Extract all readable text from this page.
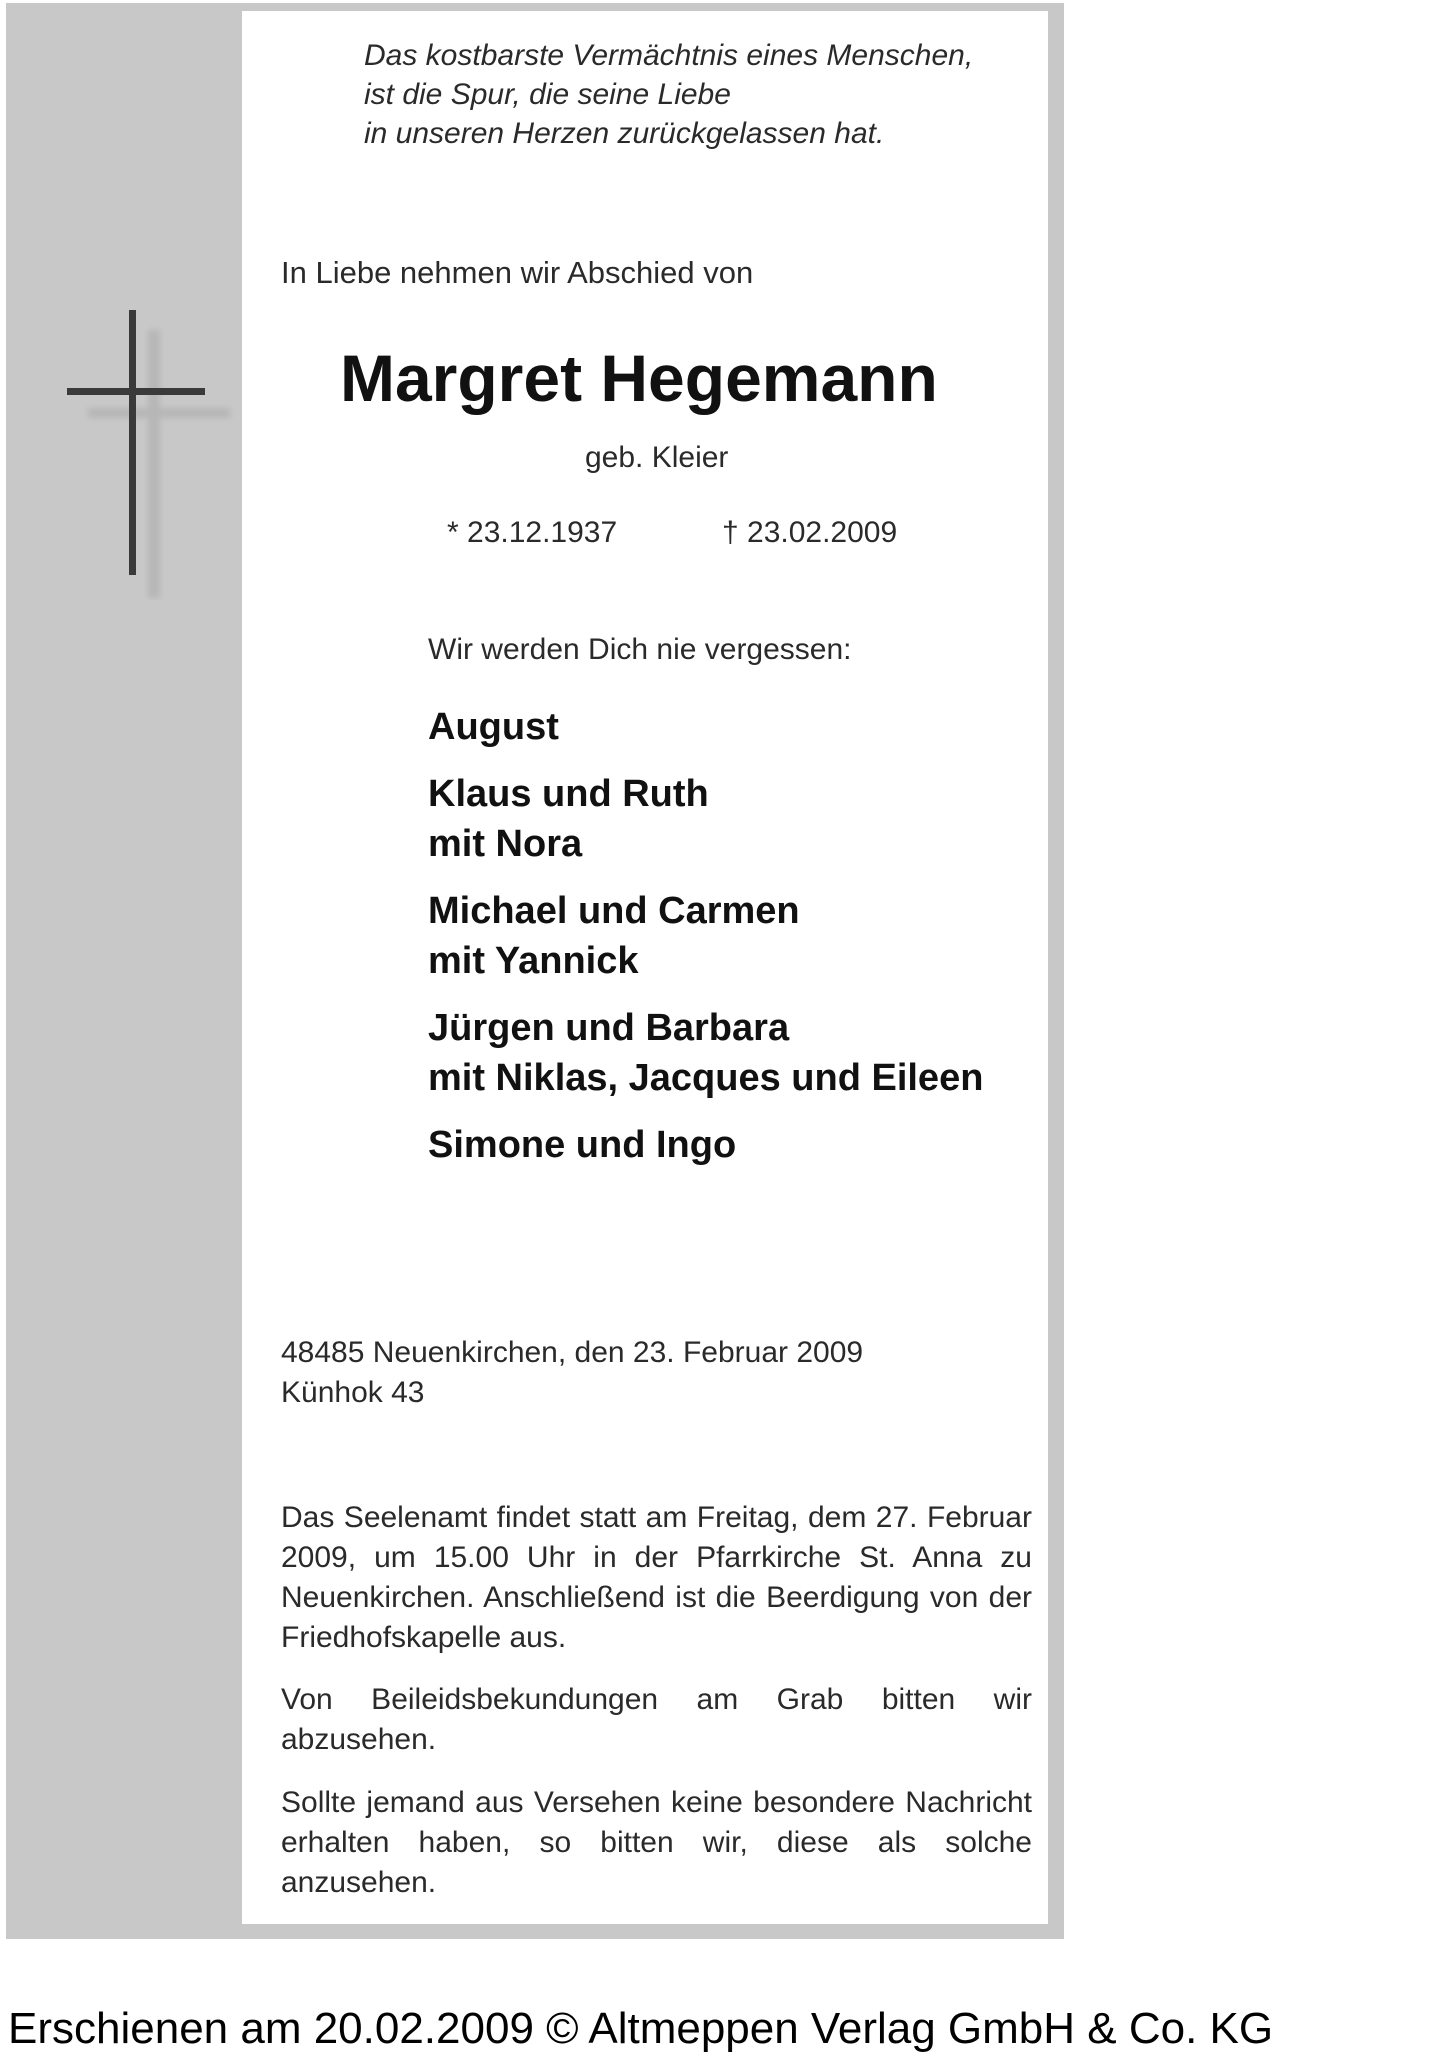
Das kostbarste Vermächtnis eines Menschen,
ist die Spur, die seine Liebe
in unseren Herzen zurückgelassen hat.
In Liebe nehmen wir Abschied von
Margret Hegemann
geb. Kleier
* 23.12.1937	† 23.02.2009
Wir werden Dich nie vergessen:
August
Klaus und Ruth
mit Nora
Michael und Carmen
mit Yannick
Jürgen und Barbara
mit Niklas, Jacques und Eileen
Simone und Ingo
48485 Neuenkirchen, den 23. Februar 2009
Künhok 43
Das Seelenamt findet statt am Freitag, dem 27. Februar 2009, um 15.00 Uhr in der Pfarrkirche St. Anna zu Neuenkirchen. Anschließend ist die Beerdigung von der Friedhofskapelle aus.
Von Beileidsbekundungen am Grab bitten wir abzusehen.
Sollte jemand aus Versehen keine besondere Nachricht erhalten haben, so bitten wir, diese als solche anzusehen.
Erschienen am 20.02.2009 © Altmeppen Verlag GmbH & Co. KG
